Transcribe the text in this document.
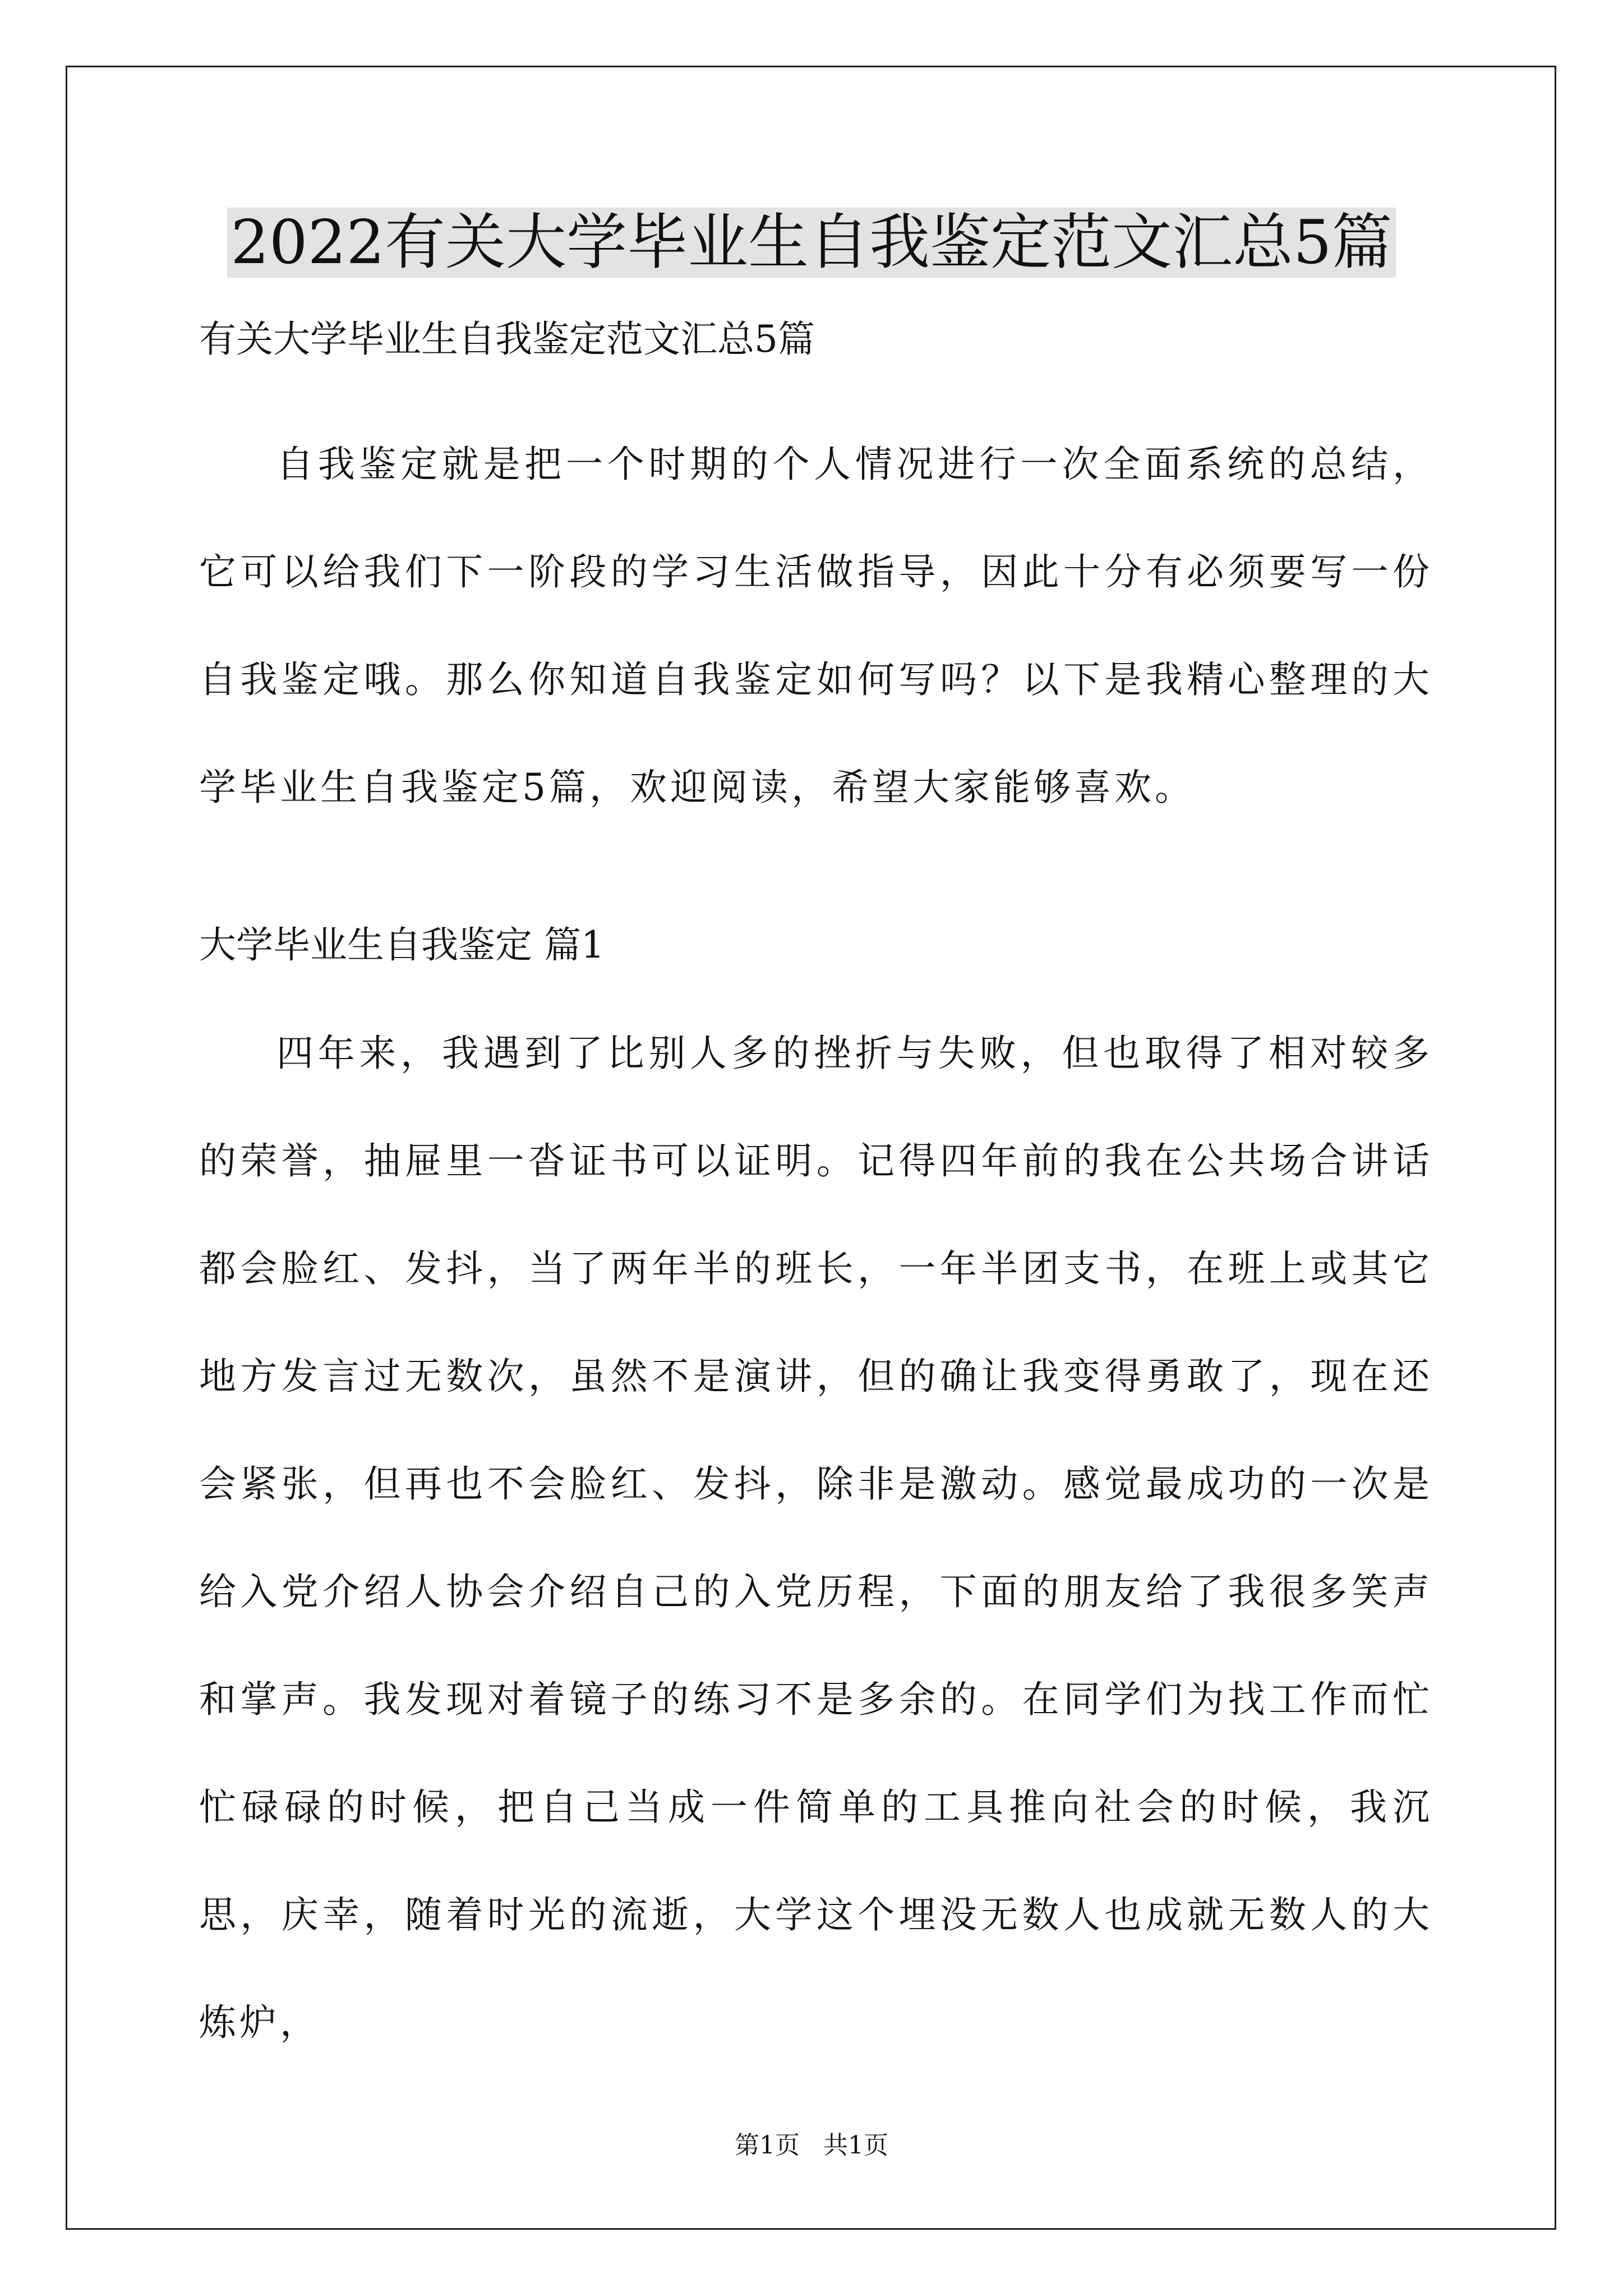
2022有关大学毕业生自我鉴定范文汇总5篇

有关大学毕业生自我鉴定范文汇总5篇

自我鉴定就是把一个时期的个人情况进行一次全面系统的总结，它可以给我们下一阶段的学习生活做指导，因此十分有必须要写一份自我鉴定哦。那么你知道自我鉴定如何写吗？以下是我精心整理的大学毕业生自我鉴定5篇，欢迎阅读，希望大家能够喜欢。

大学毕业生自我鉴定 篇1

四年来，我遇到了比别人多的挫折与失败，但也取得了相对较多的荣誉，抽屉里一沓证书可以证明。记得四年前的我在公共场合讲话都会脸红、发抖，当了两年半的班长，一年半团支书，在班上或其它地方发言过无数次，虽然不是演讲，但的确让我变得勇敢了，现在还会紧张，但再也不会脸红、发抖，除非是激动。感觉最成功的一次是给入党介绍人协会介绍自己的入党历程，下面的朋友给了我很多笑声和掌声。我发现对着镜子的练习不是多余的。在同学们为找工作而忙忙碌碌的时候，把自己当成一件简单的工具推向社会的时候，我沉思，庆幸，随着时光的流逝，大学这个埋没无数人也成就无数人的大炼炉，

第1页   共1页
